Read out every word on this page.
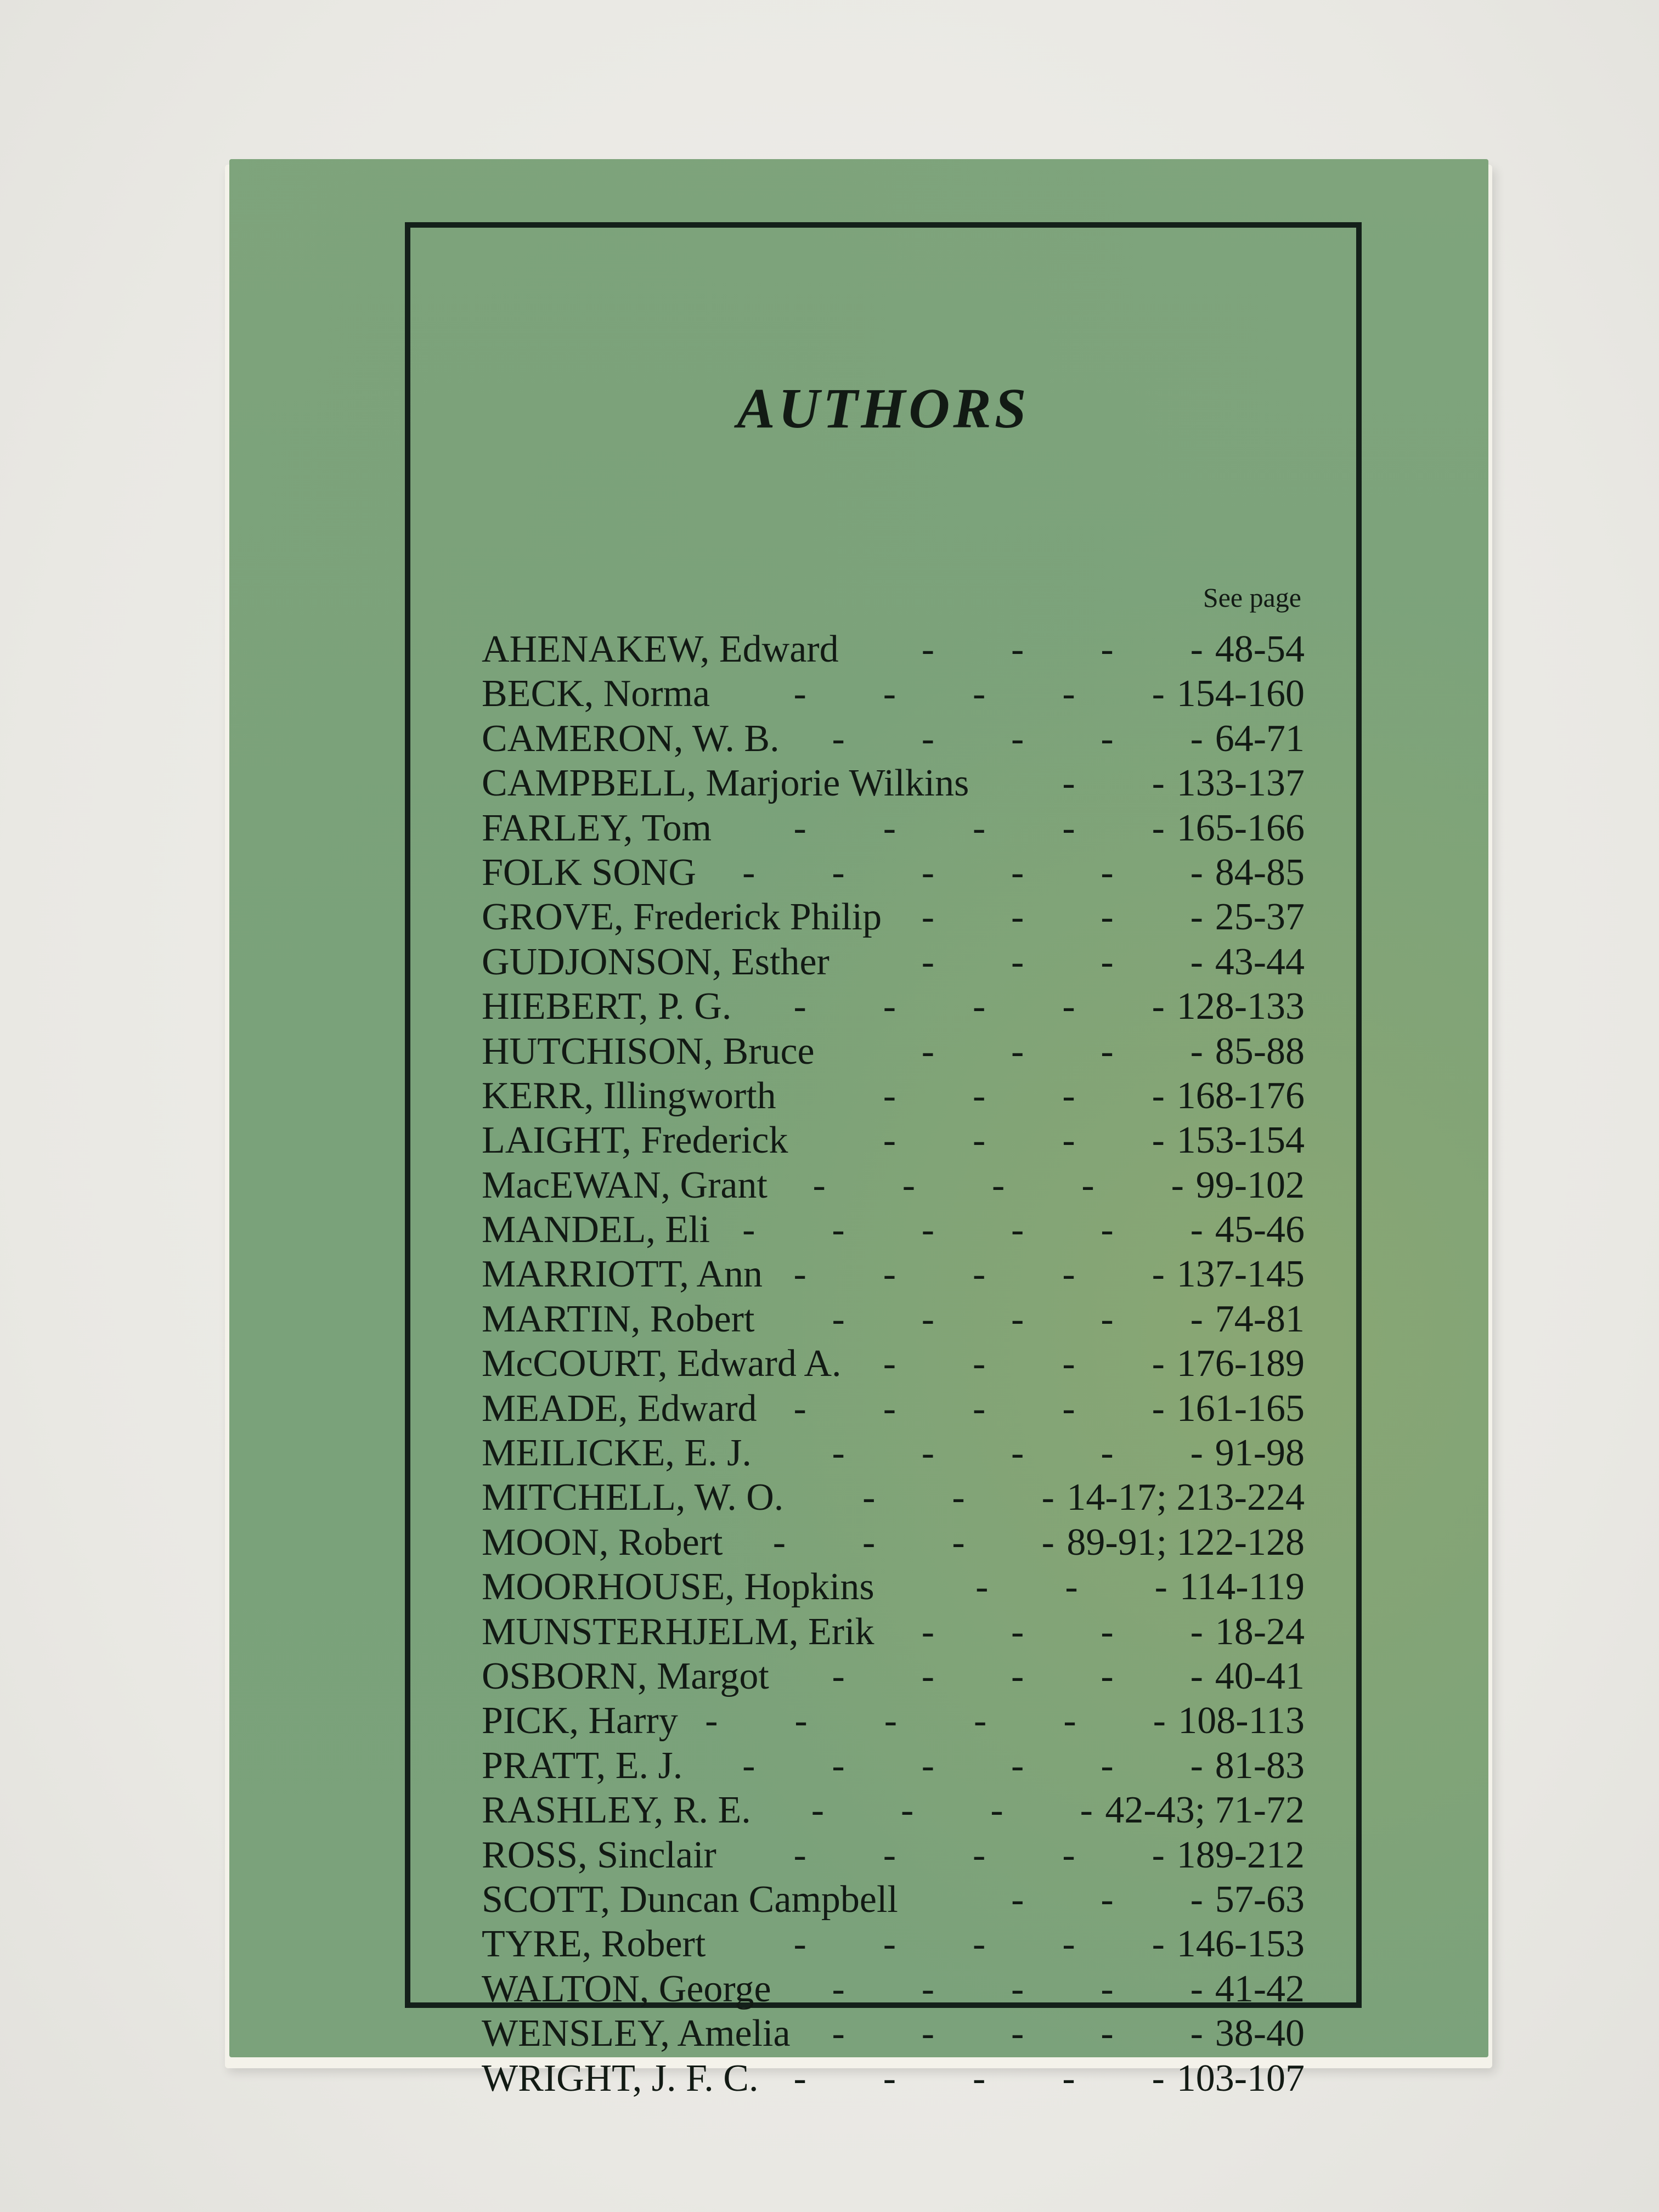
AUTHORS
See page
AHENAKEW, Edward	-  -  -  - 48-54
BECK, Norma	-  -  -  -  - 154-160
CAMERON, W. B.	-  -  -  -  - 64-71
CAMPBELL, Marjorie Wilkins	-  - 133-137
FARLEY, Tom	-  -  -  -  - 165-166
FOLK SONG	-  -  -  -  -  - 84-85
GROVE, Frederick Philip	-  -  -  - 25-37
GUDJONSON, Esther	-  -  -  - 43-44
HIEBERT, P. G.	-  -  -  -  - 128-133
HUTCHISON, Bruce	-  -  -  - 85-88
KERR, Illingworth	-  -  -  - 168-176
LAIGHT, Frederick	-  -  -  - 153-154
MacEWAN, Grant	-  -  -  -  - 99-102
MANDEL, Eli -  -  -  -  -  - 45-46
MARRIOTT, Ann -  -  -  -  - 137-145
MARTIN, Robert	-  -  -  -  - 74-81
McCOURT, Edward A.	-  -  -  - 176-189
MEADE, Edward -  -  -  -  - 161-165
MEILICKE, E. J.	-  -  -  -  - 91-98
MITCHELL, W. O.	-  -  - 14-17; 213-224
MOON, Robert	-  -  -  - 89-91; 122-128
MOORHOUSE, Hopkins	-  -  - 114-119
MUNSTERHJELM, Erik	-  -  -  - 18-24
OSBORN, Margot	-  -  -  -  - 40-41
PICK, Harry -  -  -  -  -  - 108-113
PRATT, E. J.	-  -  -  -  -  - 81-83
RASHLEY, R. E.	-  -  -  - 42-43; 71-72
ROSS, Sinclair	-  -  -  -  - 189-212
SCOTT, Duncan Campbell	-  -  - 57-63
TYRE, Robert	-  -  -  -  - 146-153
WALTON, George	-  -  -  -  - 41-42
WENSLEY, Amelia	-  -  -  -  - 38-40
WRIGHT, J. F. C. -  -  -  -  - 103-107
